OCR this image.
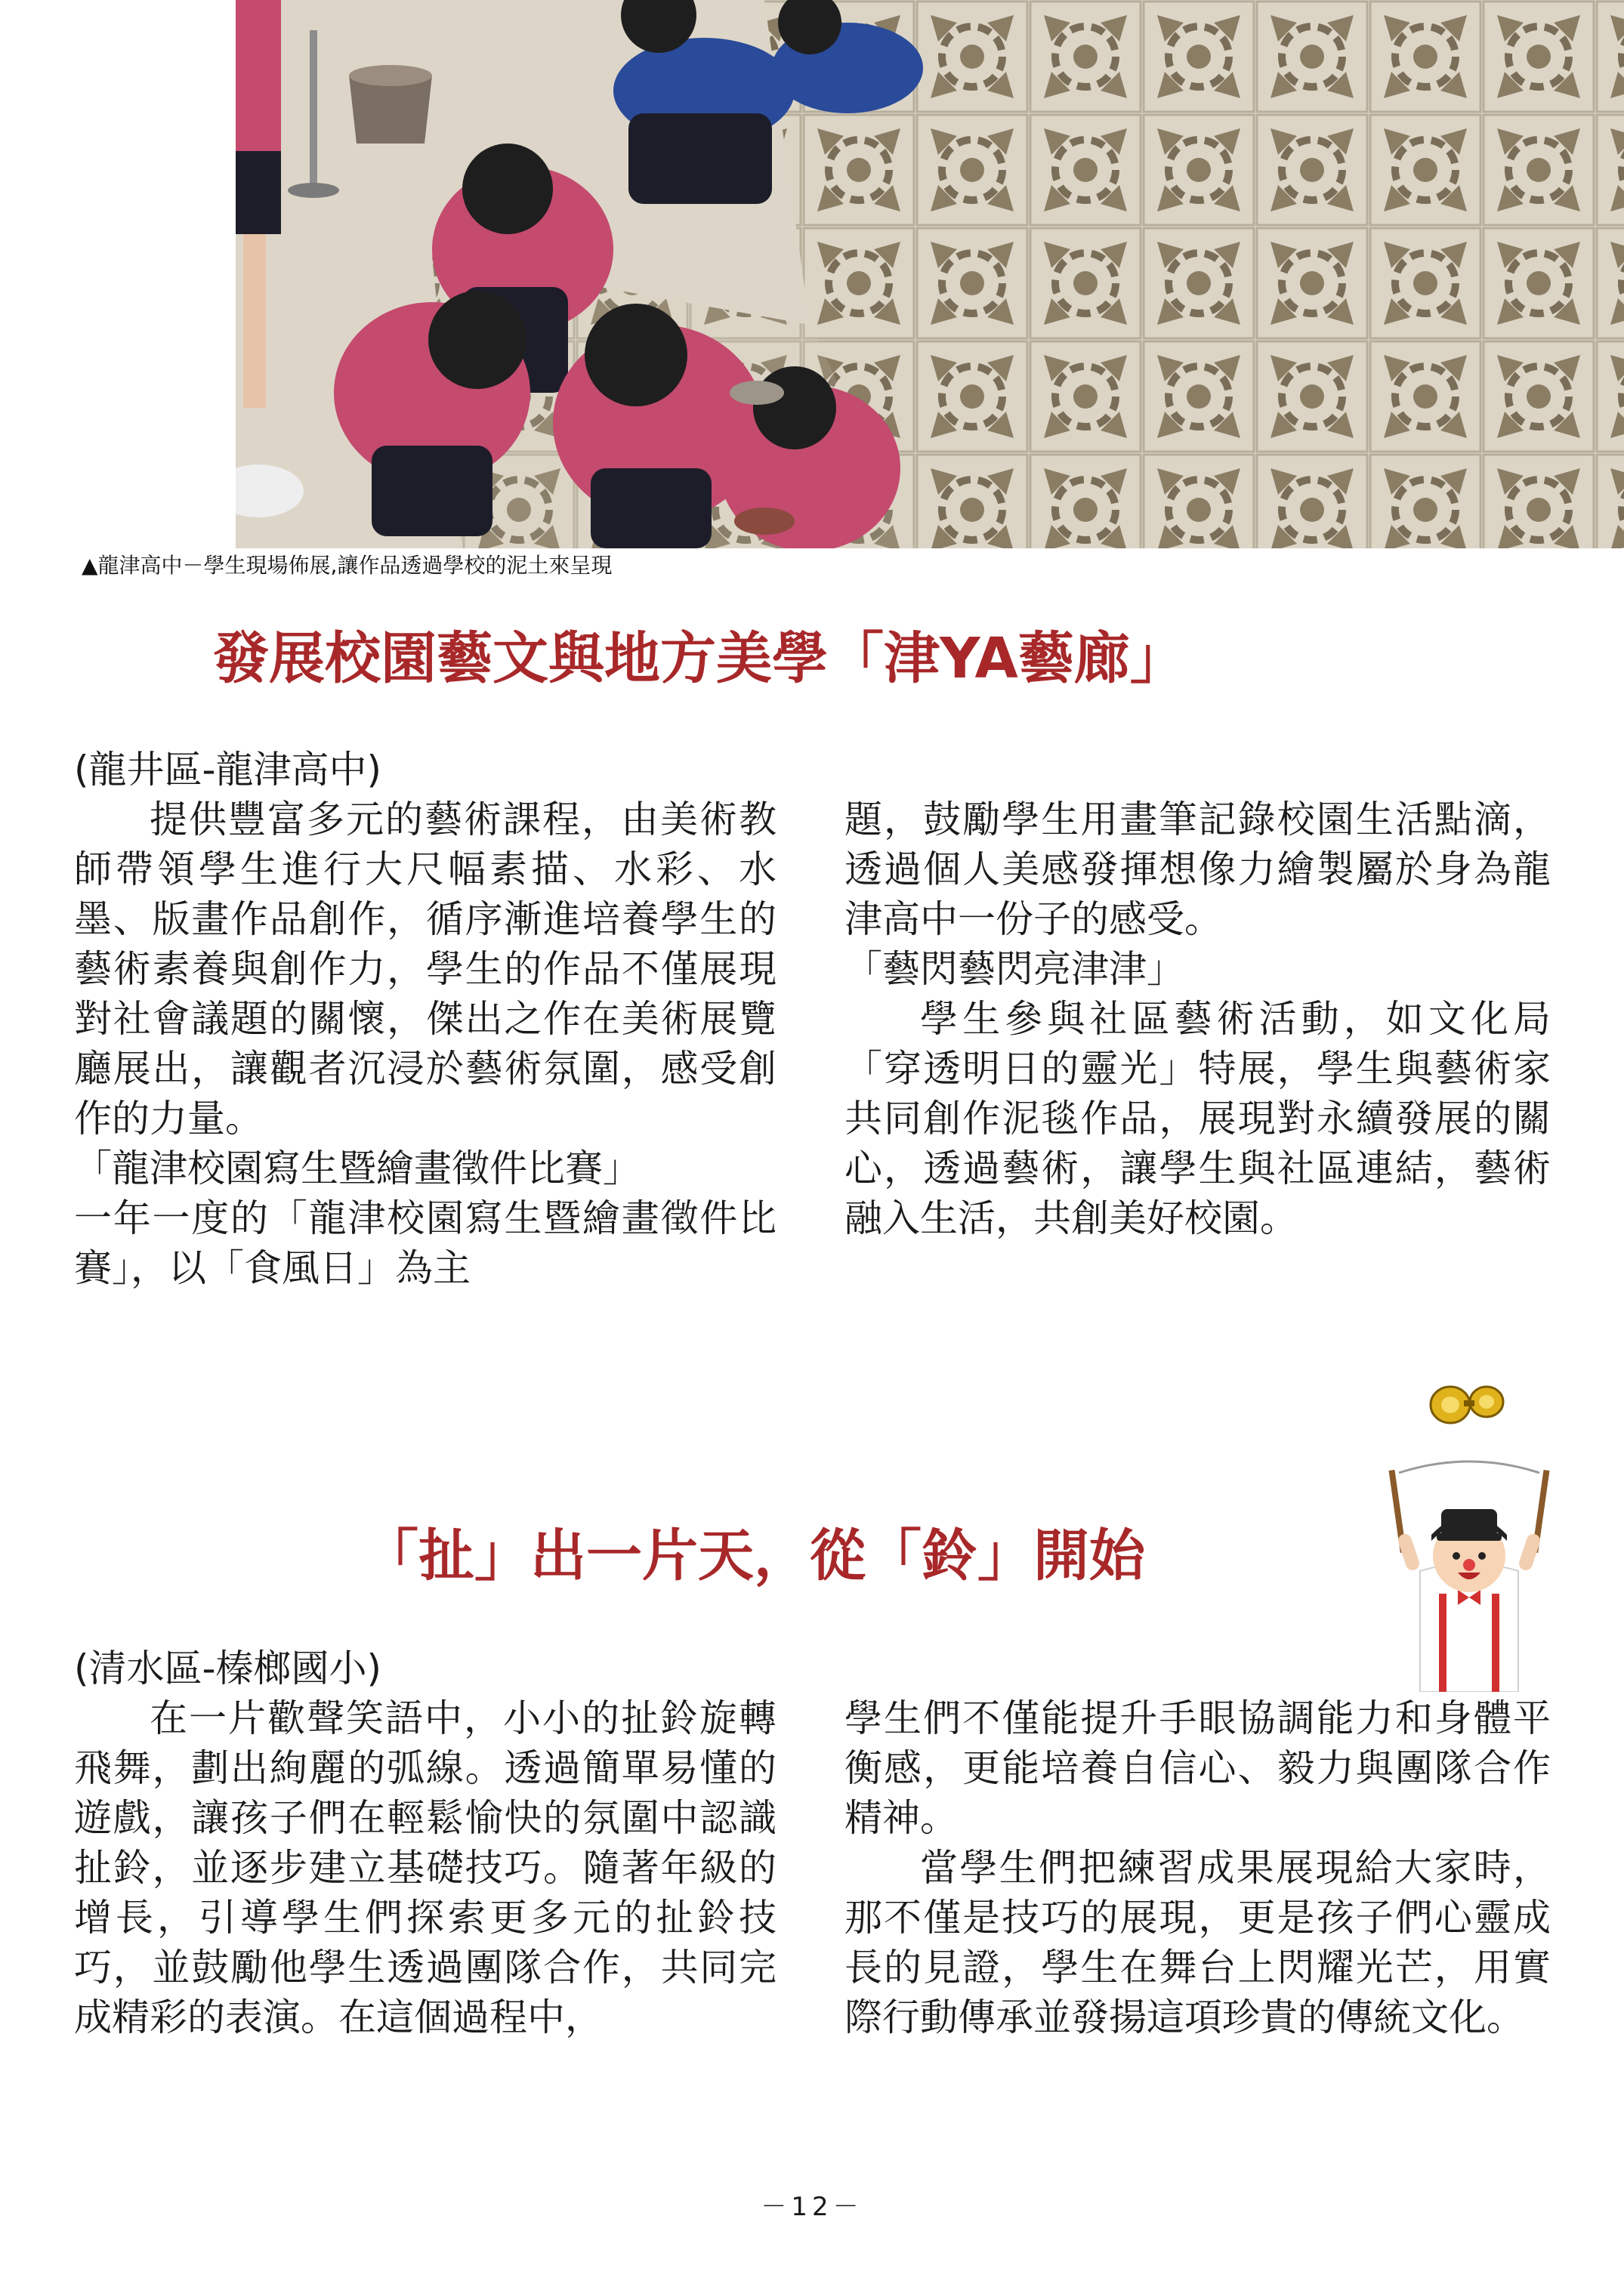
▲龍津高中－學生現場佈展,讓作品透過學校的泥土來呈現
發展校園藝文與地方美學「津YA藝廊」
(龍井區-龍津高中)

提供豐富多元的藝術課程，由美術教師帶領學生進行大尺幅素描、水彩、水墨、版畫作品創作，循序漸進培養學生的藝術素養與創作力，學生的作品不僅展現對社會議題的關懷，傑出之作在美術展覽廳展出，讓觀者沉浸於藝術氛圍，感受創作的力量。

「龍津校園寫生暨繪畫徵件比賽」

一年一度的「龍津校園寫生暨繪畫徵件比賽」，以「食風日」為主

題，鼓勵學生用畫筆記錄校園生活點滴，透過個人美感發揮想像力繪製屬於身為龍津高中一份子的感受。

「藝閃藝閃亮津津」

學生參與社區藝術活動，如文化局「穿透明日的靈光」特展，學生與藝術家共同創作泥毯作品，展現對永續發展的關心，透過藝術，讓學生與社區連結，藝術融入生活，共創美好校園。

「扯」出一片天，從「鈴」開始
(清水區-榛榔國小)

在一片歡聲笑語中，小小的扯鈴旋轉飛舞，劃出絢麗的弧線。透過簡單易懂的遊戲，讓孩子們在輕鬆愉快的氛圍中認識扯鈴，並逐步建立基礎技巧。隨著年級的增長，引導學生們探索更多元的扯鈴技巧，並鼓勵他學生透過團隊合作，共同完成精彩的表演。在這個過程中，

學生們不僅能提升手眼協調能力和身體平衡感，更能培養自信心、毅力與團隊合作精神。

當學生們把練習成果展現給大家時，那不僅是技巧的展現，更是孩子們心靈成長的見證，學生在舞台上閃耀光芒，用實際行動傳承並發揚這項珍貴的傳統文化。

－12－
